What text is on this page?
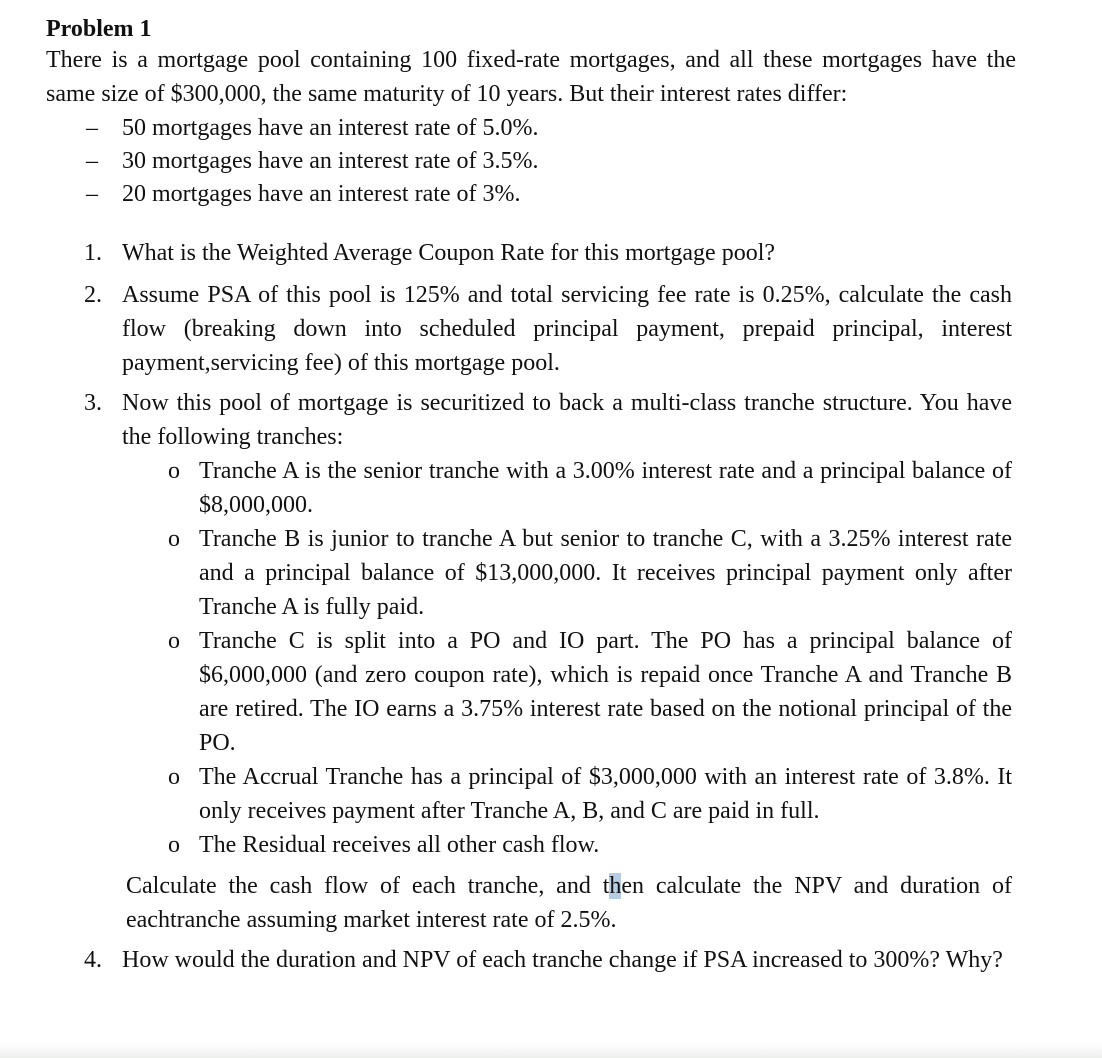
Problem 1
There is a mortgage pool containing 100 fixed-rate mortgages, and all these mortgages have the same size of $300,000, the same maturity of 10 years. But their interest rates differ:
– 50 mortgages have an interest rate of 5.0%.
– 30 mortgages have an interest rate of 3.5%.
– 20 mortgages have an interest rate of 3%.
1. What is the Weighted Average Coupon Rate for this mortgage pool?
2. Assume PSA of this pool is 125% and total servicing fee rate is 0.25%, calculate the cash flow (breaking down into scheduled principal payment, prepaid principal, interest payment,servicing fee) of this mortgage pool.
3. Now this pool of mortgage is securitized to back a multi-class tranche structure. You have the following tranches:
o Tranche A is the senior tranche with a 3.00% interest rate and a principal balance of $8,000,000.
o Tranche B is junior to tranche A but senior to tranche C, with a 3.25% interest rate and a principal balance of $13,000,000. It receives principal payment only after Tranche A is fully paid.
o Tranche C is split into a PO and IO part. The PO has a principal balance of $6,000,000 (and zero coupon rate), which is repaid once Tranche A and Tranche B are retired. The IO earns a 3.75% interest rate based on the notional principal of the PO.
o The Accrual Tranche has a principal of $3,000,000 with an interest rate of 3.8%. It only receives payment after Tranche A, B, and C are paid in full.
o The Residual receives all other cash flow.
Calculate the cash flow of each tranche, and then calculate the NPV and duration of eachtranche assuming market interest rate of 2.5%.
4. How would the duration and NPV of each tranche change if PSA increased to 300%? Why?
